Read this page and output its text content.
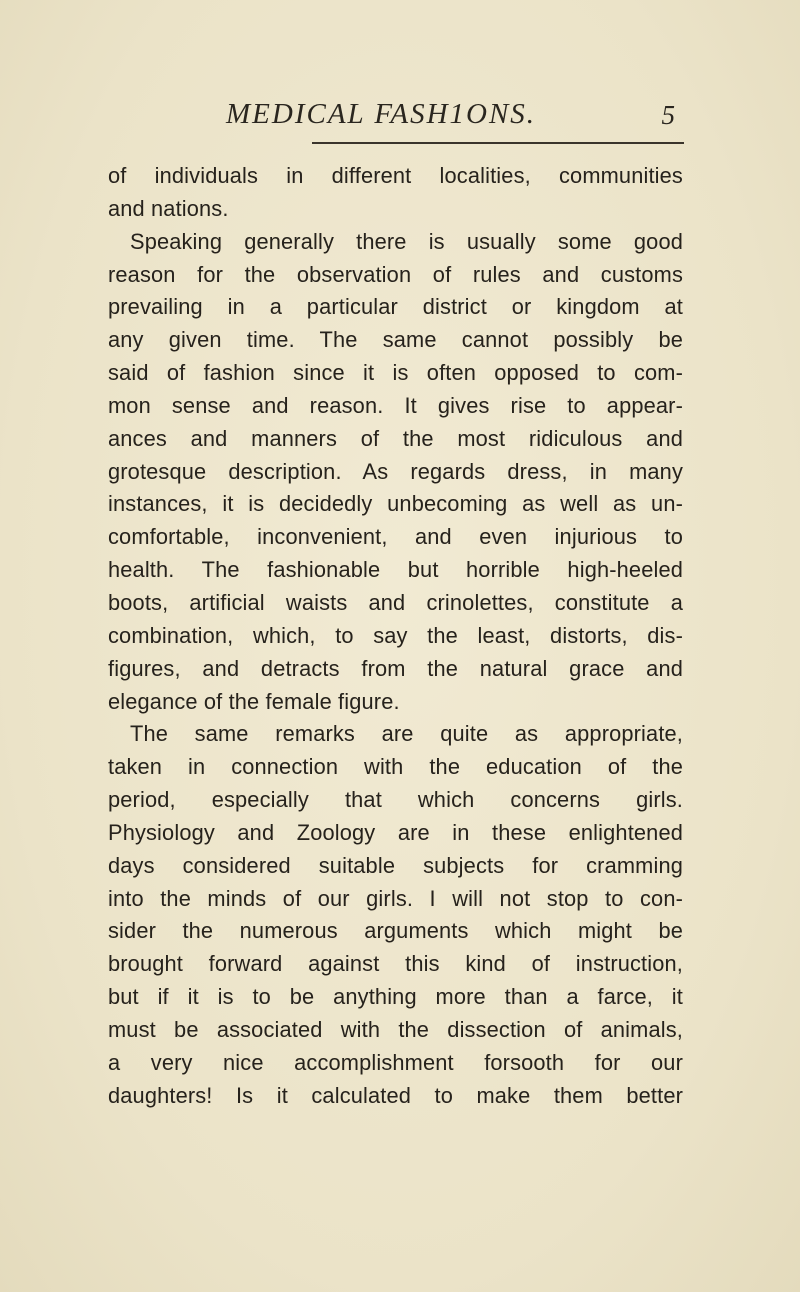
MEDICAL FASH1ONS.	5
of individuals in different localities, communities
and nations.
Speaking generally there is usually some good
reason for the observation of rules and customs
prevailing in a particular district or kingdom at
any given time. The same cannot possibly be
said of fashion since it is often opposed to com-
mon sense and reason. It gives rise to appear-
ances and manners of the most ridiculous and
grotesque description. As regards dress, in many
instances, it is decidedly unbecoming as well as un-
comfortable, inconvenient, and even injurious to
health. The fashionable but horrible high-heeled
boots, artificial waists and crinolettes, constitute a
combination, which, to say the least, distorts, dis-
figures, and detracts from the natural grace and
elegance of the female figure.
The same remarks are quite as appropriate,
taken in connection with the education of the
period, especially that which concerns girls.
Physiology and Zoology are in these enlightened
days considered suitable subjects for cramming
into the minds of our girls. I will not stop to con-
sider the numerous arguments which might be
brought forward against this kind of instruction,
but if it is to be anything more than a farce, it
must be associated with the dissection of animals,
a very nice accomplishment forsooth for our
daughters! Is it calculated to make them better
